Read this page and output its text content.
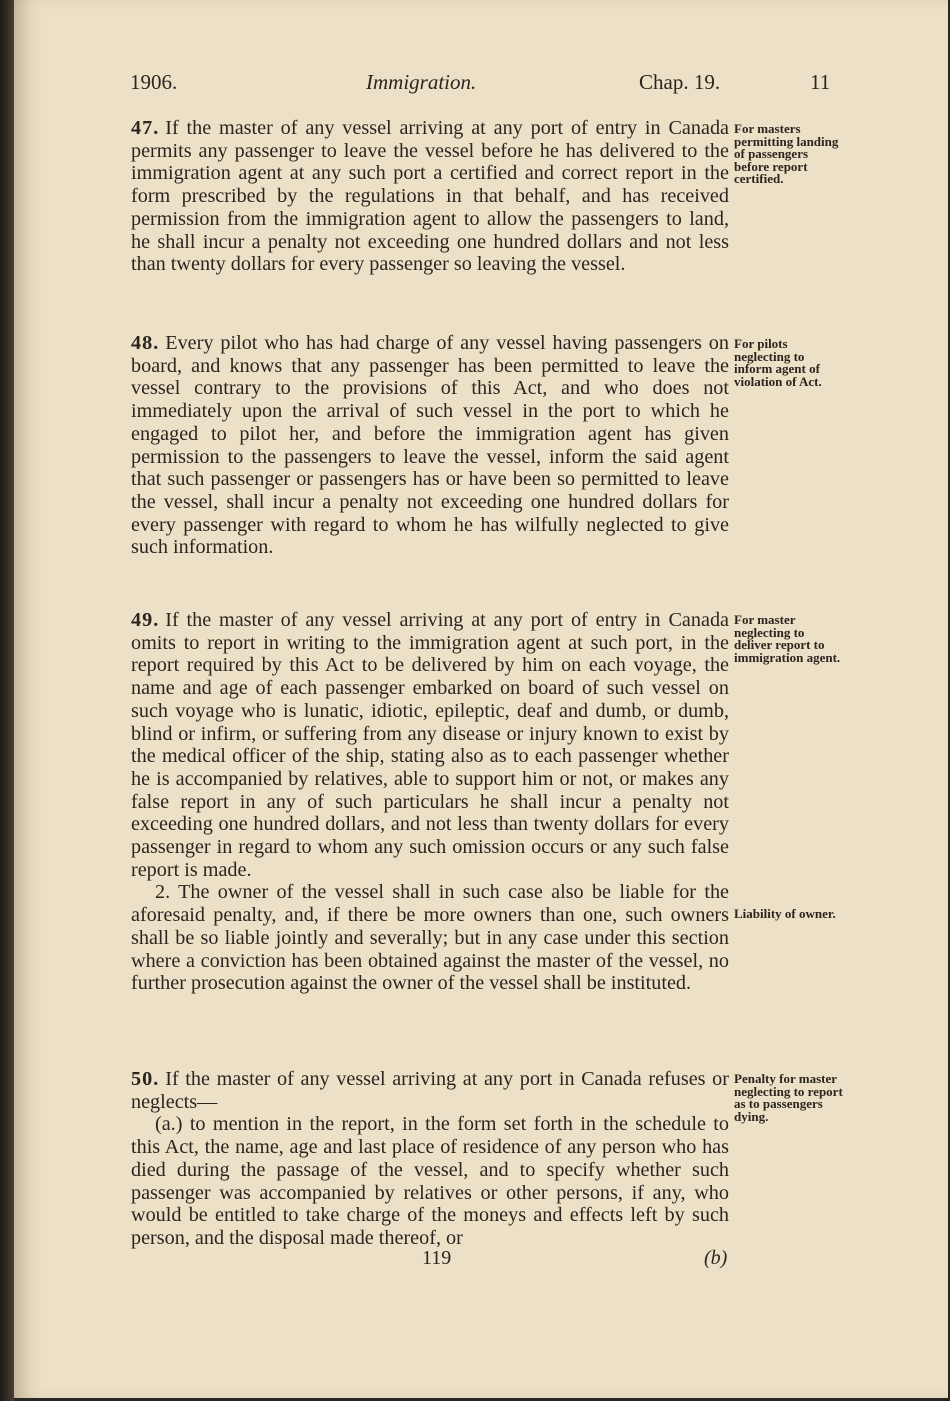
1906.	Immigration.	Chap. 19.	11

47. If the master of any vessel arriving at any port of entry in Canada permits any passenger to leave the vessel before he has delivered to the immigration agent at any such port a certified and correct report in the form prescribed by the regulations in that behalf, and has received permission from the immigration agent to allow the passengers to land, he shall incur a penalty not exceeding one hundred dollars and not less than twenty dollars for every passenger so leaving the vessel.

For masters permitting landing of passengers before report certified.

48. Every pilot who has had charge of any vessel having passengers on board, and knows that any passenger has been permitted to leave the vessel contrary to the provisions of this Act, and who does not immediately upon the arrival of such vessel in the port to which he engaged to pilot her, and before the immigration agent has given permission to the passengers to leave the vessel, inform the said agent that such passenger or passengers has or have been so permitted to leave the vessel, shall incur a penalty not exceeding one hundred dollars for every passenger with regard to whom he has wilfully neglected to give such information.

For pilots neglecting to inform agent of violation of Act.

49. If the master of any vessel arriving at any port of entry in Canada omits to report in writing to the immigration agent at such port, in the report required by this Act to be delivered by him on each voyage, the name and age of each passenger embarked on board of such vessel on such voyage who is lunatic, idiotic, epileptic, deaf and dumb, or dumb, blind or infirm, or suffering from any disease or injury known to exist by the medical officer of the ship, stating also as to each passenger whether he is accompanied by relatives, able to support him or not, or makes any false report in any of such particulars he shall incur a penalty not exceeding one hundred dollars, and not less than twenty dollars for every passenger in regard to whom any such omission occurs or any such false report is made.

2. The owner of the vessel shall in such case also be liable for the aforesaid penalty, and, if there be more owners than one, such owners shall be so liable jointly and severally; but in any case under this section where a conviction has been obtained against the master of the vessel, no further prosecution against the owner of the vessel shall be instituted.

For master neglecting to deliver report to immigration agent.
Liability of owner.

50. If the master of any vessel arriving at any port in Canada refuses or neglects—

(a.) to mention in the report, in the form set forth in the schedule to this Act, the name, age and last place of residence of any person who has died during the passage of the vessel, and to specify whether such passenger was accompanied by relatives or other persons, if any, who would be entitled to take charge of the moneys and effects left by such person, and the disposal made thereof, or

Penalty for master neglecting to report as to passengers dying.
119	(b)
